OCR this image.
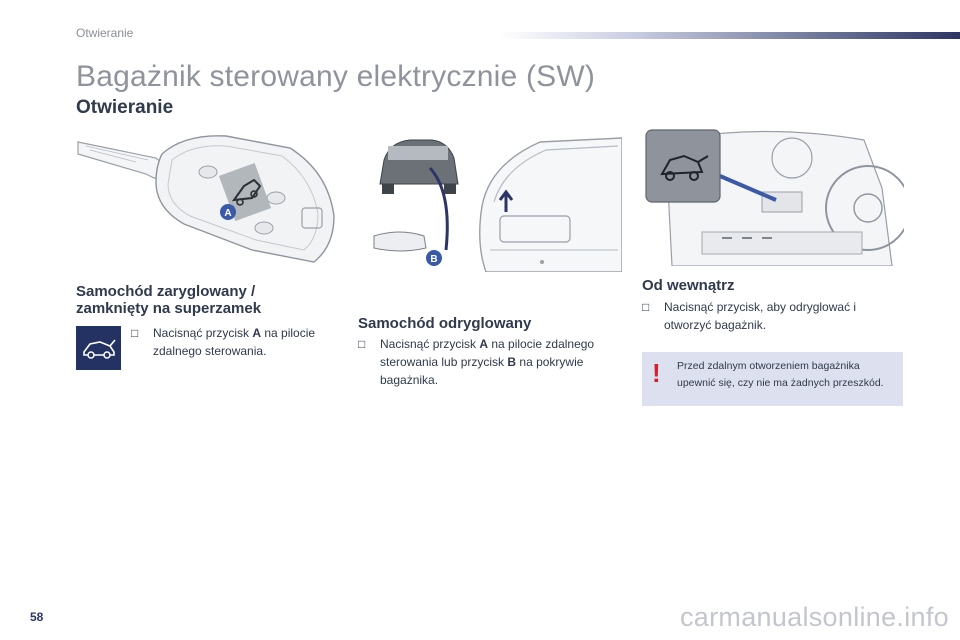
Otwieranie
Bagażnik sterowany elektrycznie (SW)
Otwieranie
A
B
Samochód zaryglowany /
zamknięty na superzamek
□	Nacisnąć przycisk A na pilocie zdalnego sterowania.
Samochód odryglowany
□	Nacisnąć przycisk A na pilocie zdalnego sterowania lub przycisk B na pokrywie bagażnika.
Od wewnątrz
□	Nacisnąć przycisk, aby odryglować i otworzyć bagażnik.
! Przed zdalnym otworzeniem bagażnika upewnić się, czy nie ma żadnych przeszkód.
58	carmanualsonline.info
